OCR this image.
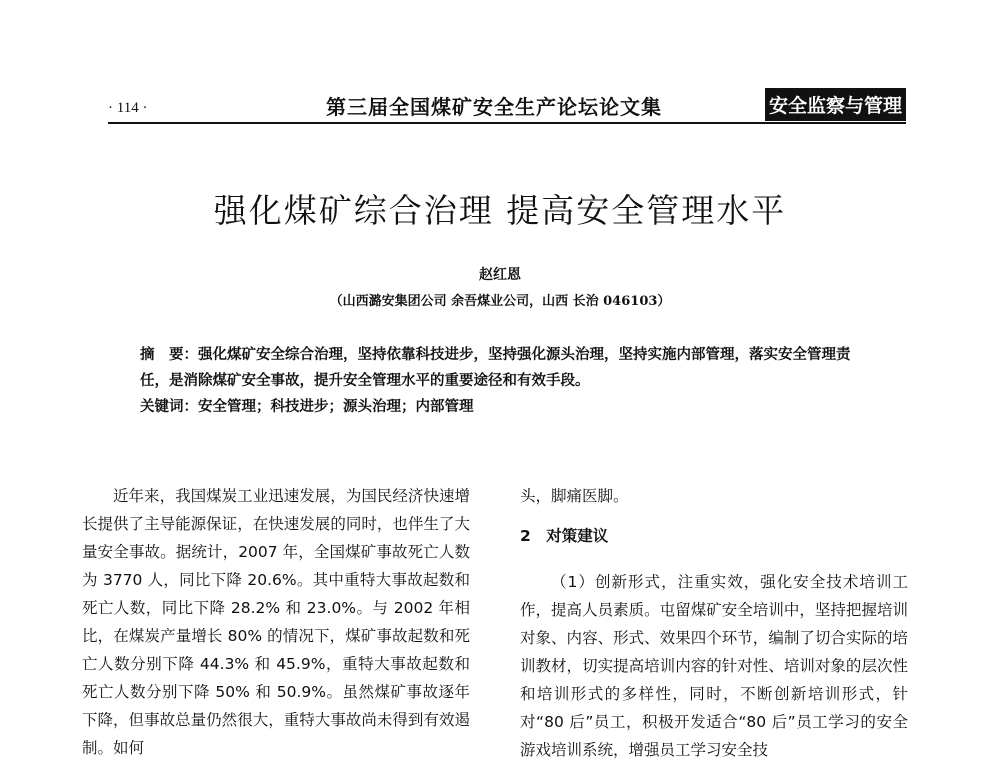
· 114 ·	第三届全国煤矿安全生产论坛论文集	安全监察与管理
强化煤矿综合治理 提高安全管理水平
赵红恩
（山西潞安集团公司 余吾煤业公司，山西 长治 046103）

摘　要：强化煤矿安全综合治理，坚持依靠科技进步，坚持强化源头治理，坚持实施内部管理，落实安全管理责任，是消除煤矿安全事故，提升安全管理水平的重要途径和有效手段。

关键词：安全管理；科技进步；源头治理；内部管理

近年来，我国煤炭工业迅速发展，为国民经济快速增长提供了主导能源保证，在快速发展的同时，也伴生了大量安全事故。据统计，2007 年，全国煤矿事故死亡人数为 3770 人，同比下降 20.6%。其中重特大事故起数和死亡人数，同比下降 28.2% 和 23.0%。与 2002 年相比，在煤炭产量增长 80% 的情况下，煤矿事故起数和死亡人数分别下降 44.3% 和 45.9%，重特大事故起数和死亡人数分别下降 50% 和 50.9%。虽然煤矿事故逐年下降，但事故总量仍然很大，重特大事故尚未得到有效遏制。如何

头，脚痛医脚。

2　对策建议

（1）创新形式，注重实效，强化安全技术培训工作，提高人员素质。屯留煤矿安全培训中，坚持把握培训对象、内容、形式、效果四个环节，编制了切合实际的培训教材，切实提高培训内容的针对性、培训对象的层次性和培训形式的多样性，同时，不断创新培训形式，针对“80 后”员工，积极开发适合“80 后”员工学习的安全游戏培训系统，增强员工学习安全技
